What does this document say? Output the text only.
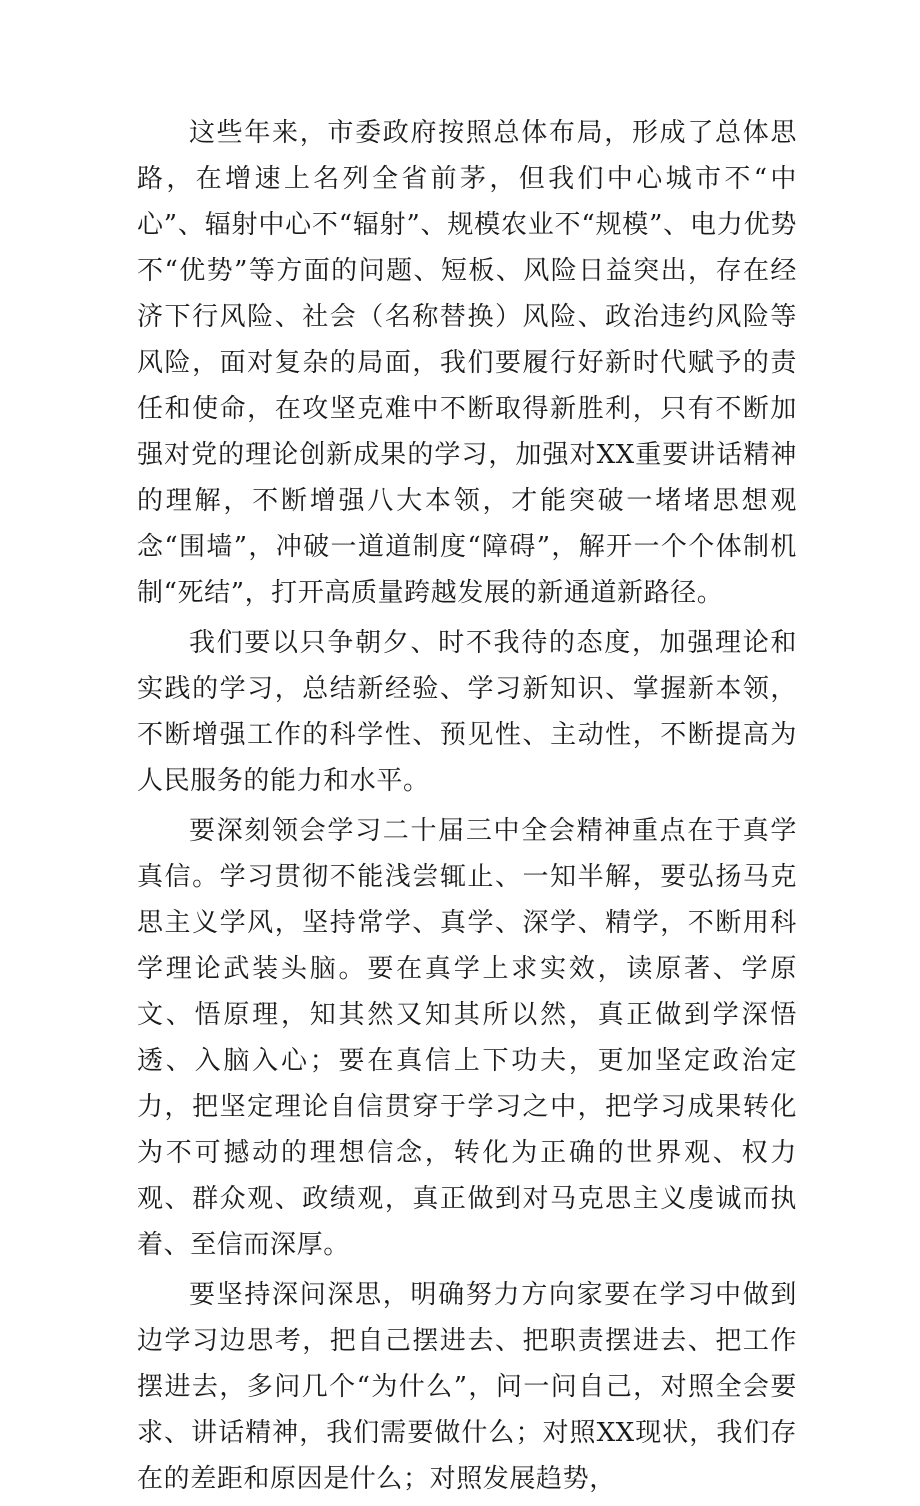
这些年来，市委政府按照总体布局，形成了总体思路，在增速上名列全省前茅，但我们中心城市不“中心”、辐射中心不“辐射”、规模农业不“规模”、电力优势不“优势”等方面的问题、短板、风险日益突出，存在经济下行风险、社会（名称替换）风险、政治违约风险等风险，面对复杂的局面，我们要履行好新时代赋予的责任和使命，在攻坚克难中不断取得新胜利，只有不断加强对党的理论创新成果的学习，加强对XX重要讲话精神的理解，不断增强八大本领，才能突破一堵堵思想观念“围墙”，冲破一道道制度“障碍”，解开一个个体制机制“死结”，打开高质量跨越发展的新通道新路径。

我们要以只争朝夕、时不我待的态度，加强理论和实践的学习，总结新经验、学习新知识、掌握新本领，不断增强工作的科学性、预见性、主动性，不断提高为人民服务的能力和水平。

要深刻领会学习二十届三中全会精神重点在于真学真信。学习贯彻不能浅尝辄止、一知半解，要弘扬马克思主义学风，坚持常学、真学、深学、精学，不断用科学理论武装头脑。要在真学上求实效，读原著、学原文、悟原理，知其然又知其所以然，真正做到学深悟透、入脑入心；要在真信上下功夫，更加坚定政治定力，把坚定理论自信贯穿于学习之中，把学习成果转化为不可撼动的理想信念，转化为正确的世界观、权力观、群众观、政绩观，真正做到对马克思主义虔诚而执着、至信而深厚。

要坚持深问深思，明确努力方向家要在学习中做到边学习边思考，把自己摆进去、把职责摆进去、把工作摆进去，多问几个“为什么”，问一问自己，对照全会要求、讲话精神，我们需要做什么；对照XX现状，我们存在的差距和原因是什么；对照发展趋势，
